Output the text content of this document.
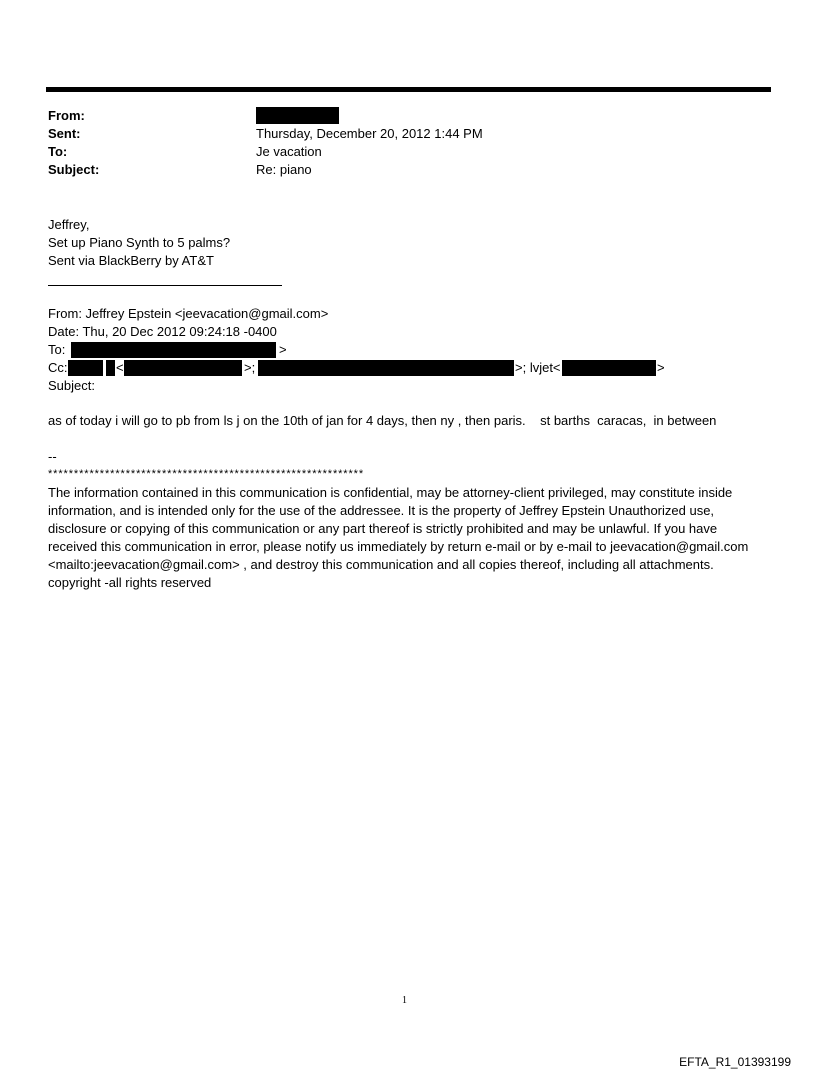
From:
Sent:	Thursday, December 20, 2012 1:44 PM
To:	Je vacation
Subject:	Re: piano
Jeffrey,
Set up Piano Synth to 5 palms?
Sent via BlackBerry by AT&T
From: Jeffrey Epstein <jeevacation@gmail.com>
Date: Thu, 20 Dec 2012 09:24:18 -0400
To:	>
Cc:	<	>;	>; lvjet<	>
Subject:
as of today i will go to pb from ls j on the 10th of jan for 4 days, then ny , then paris.    st barths  caracas,  in between
--
*************************************************************
The information contained in this communication is confidential, may be attorney-client privileged, may constitute inside information, and is intended only for the use of the addressee. It is the property of Jeffrey Epstein Unauthorized use, disclosure or copying of this communication or any part thereof is strictly prohibited and may be unlawful. If you have received this communication in error, please notify us immediately by return e-mail or by e-mail to jeevacation@gmail.com <mailto:jeevacation@gmail.com> , and destroy this communication and all copies thereof, including all attachments. copyright -all rights reserved
1
EFTA_R1_01393199
